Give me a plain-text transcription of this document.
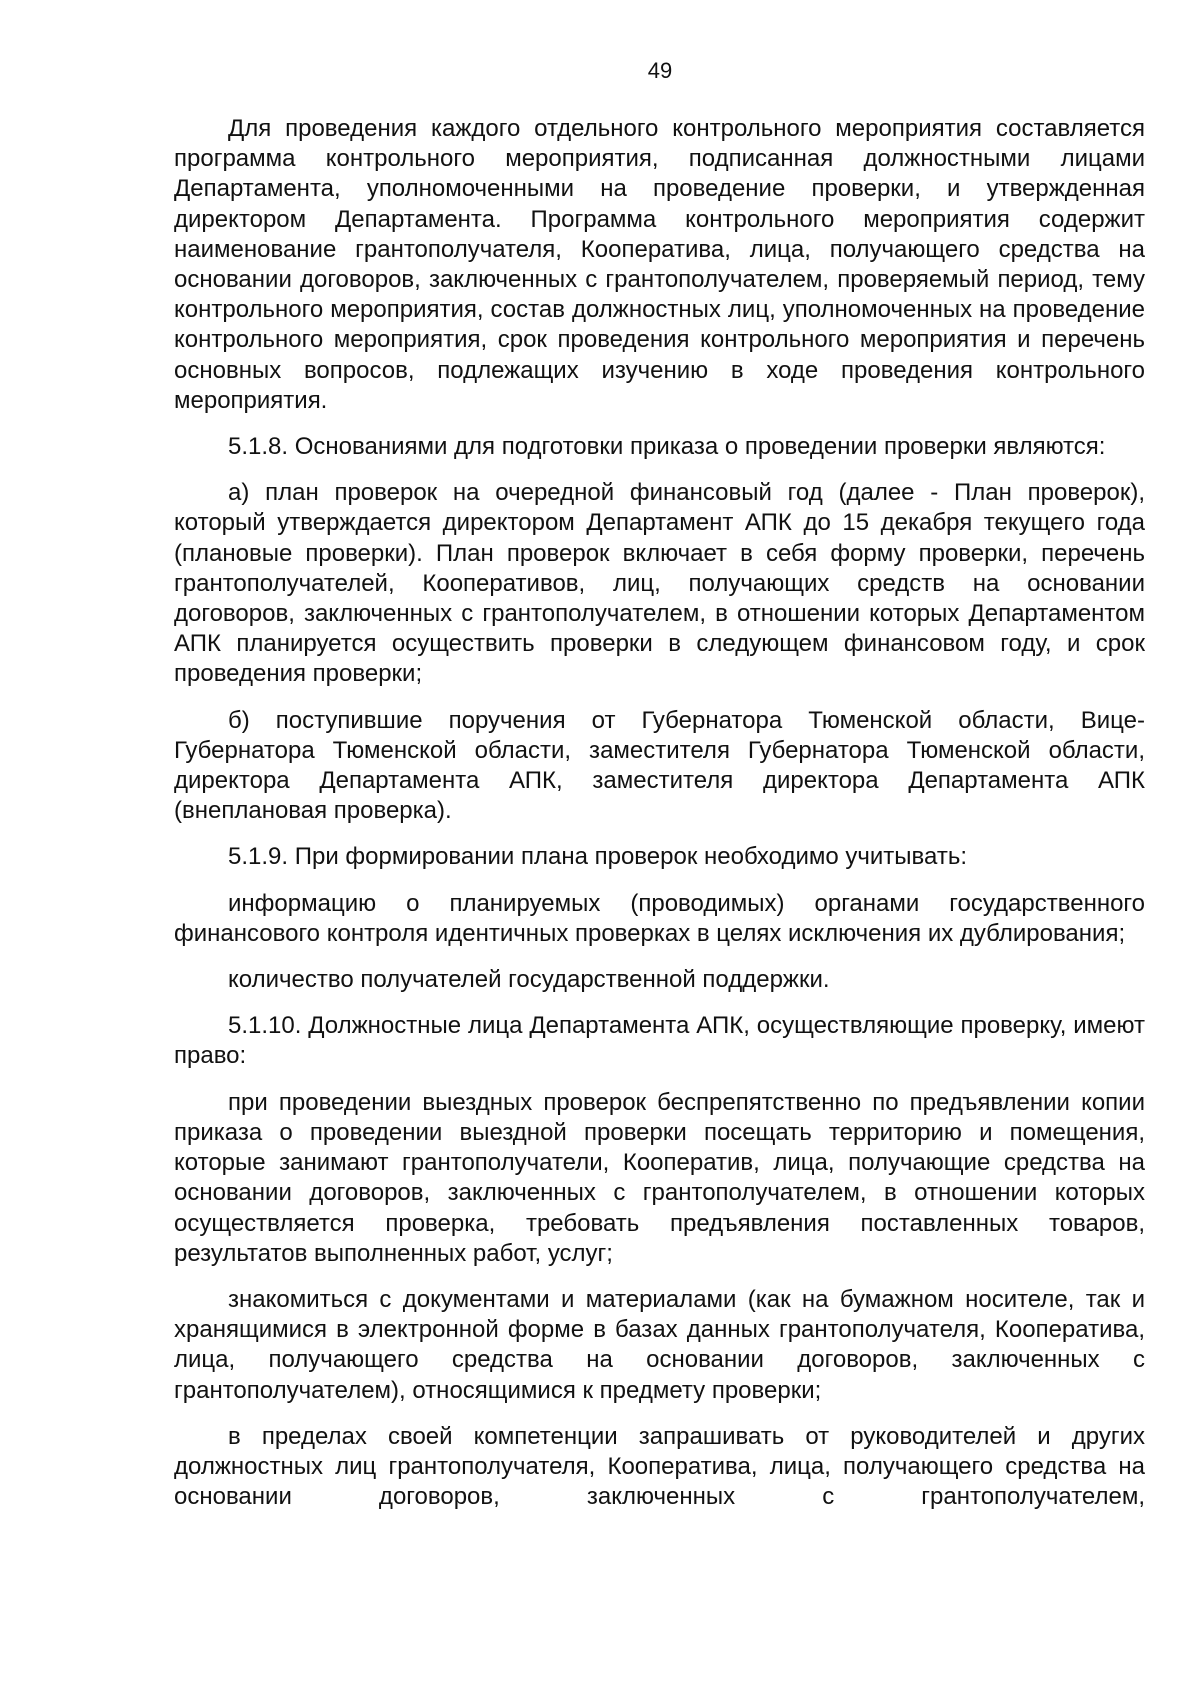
49

Для проведения каждого отдельного контрольного мероприятия составляется программа контрольного мероприятия, подписанная должностными лицами Департамента, уполномоченными на проведение проверки, и утвержденная директором Департамента. Программа контрольного мероприятия содержит наименование грантополучателя, Кооператива, лица, получающего средства на основании договоров, заключенных с грантополучателем, проверяемый период, тему контрольного мероприятия, состав должностных лиц, уполномоченных на проведение контрольного мероприятия, срок проведения контрольного мероприятия и перечень основных вопросов, подлежащих изучению в ходе проведения контрольного мероприятия.

5.1.8. Основаниями для подготовки приказа о проведении проверки являются:

а) план проверок на очередной финансовый год (далее - План проверок), который утверждается директором Департамент АПК до 15 декабря текущего года (плановые проверки). План проверок включает в себя форму проверки, перечень грантополучателей, Кооперативов, лиц, получающих средств на основании договоров, заключенных с грантополучателем, в отношении которых Департаментом АПК планируется осуществить проверки в следующем финансовом году, и срок проведения проверки;

б) поступившие поручения от Губернатора Тюменской области, Вице-Губернатора Тюменской области, заместителя Губернатора Тюменской области, директора Департамента АПК, заместителя директора Департамента АПК (внеплановая проверка).

5.1.9. При формировании плана проверок необходимо учитывать:

информацию о планируемых (проводимых) органами государственного финансового контроля идентичных проверках в целях исключения их дублирования;

количество получателей государственной поддержки.

5.1.10. Должностные лица Департамента АПК, осуществляющие проверку, имеют право:

при проведении выездных проверок беспрепятственно по предъявлении копии приказа о проведении выездной проверки посещать территорию и помещения, которые занимают грантополучатели, Кооператив, лица, получающие средства на основании договоров, заключенных с грантополучателем, в отношении которых осуществляется проверка, требовать предъявления поставленных товаров, результатов выполненных работ, услуг;

знакомиться с документами и материалами (как на бумажном носителе, так и хранящимися в электронной форме в базах данных грантополучателя, Кооператива, лица, получающего средства на основании договоров, заключенных с грантополучателем), относящимися к предмету проверки;

в пределах своей компетенции запрашивать от руководителей и других должностных лиц грантополучателя, Кооператива, лица, получающего средства на основании договоров, заключенных с грантополучателем,
